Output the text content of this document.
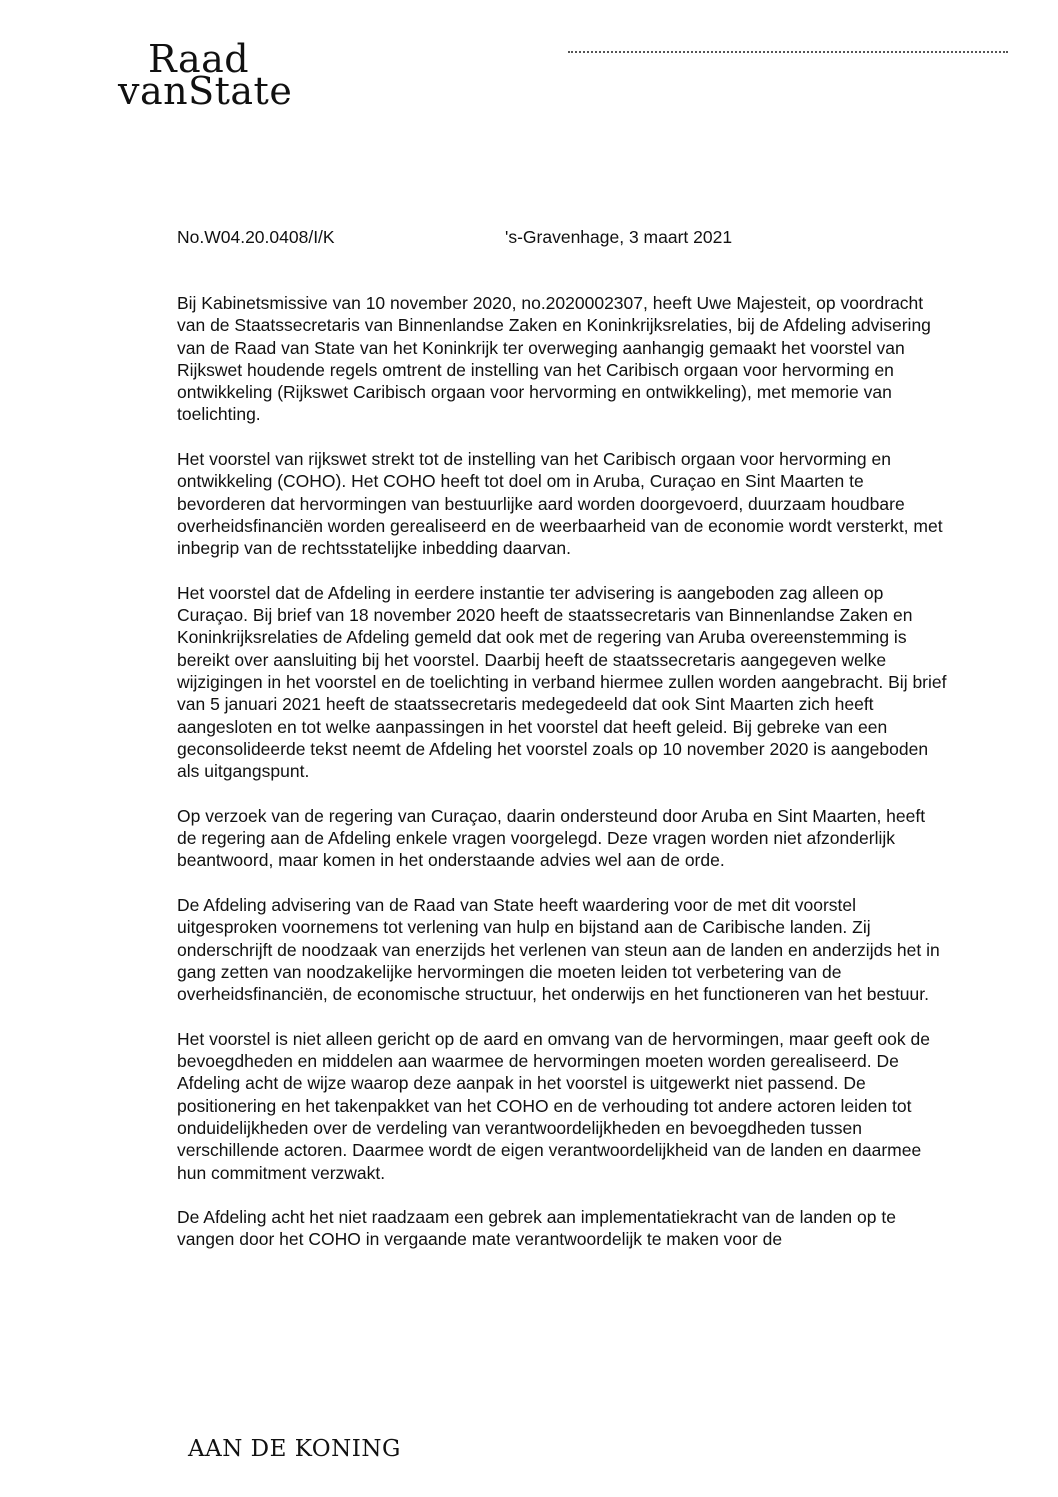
Raad
vanState
No.W04.20.0408/I/K	's-Gravenhage, 3 maart 2021

Bij Kabinetsmissive van 10 november 2020, no.2020002307, heeft Uwe Majesteit, op voordracht van de Staatssecretaris van Binnenlandse Zaken en Koninkrijksrelaties, bij de Afdeling advisering van de Raad van State van het Koninkrijk ter overweging aanhangig gemaakt het voorstel van Rijkswet houdende regels omtrent de instelling van het Caribisch orgaan voor hervorming en ontwikkeling (Rijkswet Caribisch orgaan voor hervorming en ontwikkeling), met memorie van toelichting.

Het voorstel van rijkswet strekt tot de instelling van het Caribisch orgaan voor hervorming en ontwikkeling (COHO). Het COHO heeft tot doel om in Aruba, Curaçao en Sint Maarten te bevorderen dat hervormingen van bestuurlijke aard worden doorgevoerd, duurzaam houdbare overheidsfinanciën worden gerealiseerd en de weerbaarheid van de economie wordt versterkt, met inbegrip van de rechtsstatelijke inbedding daarvan.

Het voorstel dat de Afdeling in eerdere instantie ter advisering is aangeboden zag alleen op Curaçao. Bij brief van 18 november 2020 heeft de staatssecretaris van Binnenlandse Zaken en Koninkrijksrelaties de Afdeling gemeld dat ook met de regering van Aruba overeenstemming is bereikt over aansluiting bij het voorstel. Daarbij heeft de staatssecretaris aangegeven welke wijzigingen in het voorstel en de toelichting in verband hiermee zullen worden aangebracht. Bij brief van 5 januari 2021 heeft de staatssecretaris medegedeeld dat ook Sint Maarten zich heeft aangesloten en tot welke aanpassingen in het voorstel dat heeft geleid. Bij gebreke van een geconsolideerde tekst neemt de Afdeling het voorstel zoals op 10 november 2020 is aangeboden als uitgangspunt.

Op verzoek van de regering van Curaçao, daarin ondersteund door Aruba en Sint Maarten, heeft de regering aan de Afdeling enkele vragen voorgelegd. Deze vragen worden niet afzonderlijk beantwoord, maar komen in het onderstaande advies wel aan de orde.

De Afdeling advisering van de Raad van State heeft waardering voor de met dit voorstel uitgesproken voornemens tot verlening van hulp en bijstand aan de Caribische landen. Zij onderschrijft de noodzaak van enerzijds het verlenen van steun aan de landen en anderzijds het in gang zetten van noodzakelijke hervormingen die moeten leiden tot verbetering van de overheidsfinanciën, de economische structuur, het onderwijs en het functioneren van het bestuur.

Het voorstel is niet alleen gericht op de aard en omvang van de hervormingen, maar geeft ook de bevoegdheden en middelen aan waarmee de hervormingen moeten worden gerealiseerd. De Afdeling acht de wijze waarop deze aanpak in het voorstel is uitgewerkt niet passend. De positionering en het takenpakket van het COHO en de verhouding tot andere actoren leiden tot onduidelijkheden over de verdeling van verantwoordelijkheden en bevoegdheden tussen verschillende actoren. Daarmee wordt de eigen verantwoordelijkheid van de landen en daarmee hun commitment verzwakt.

De Afdeling acht het niet raadzaam een gebrek aan implementatiekracht van de landen op te vangen door het COHO in vergaande mate verantwoordelijk te maken voor de

AAN DE KONING
